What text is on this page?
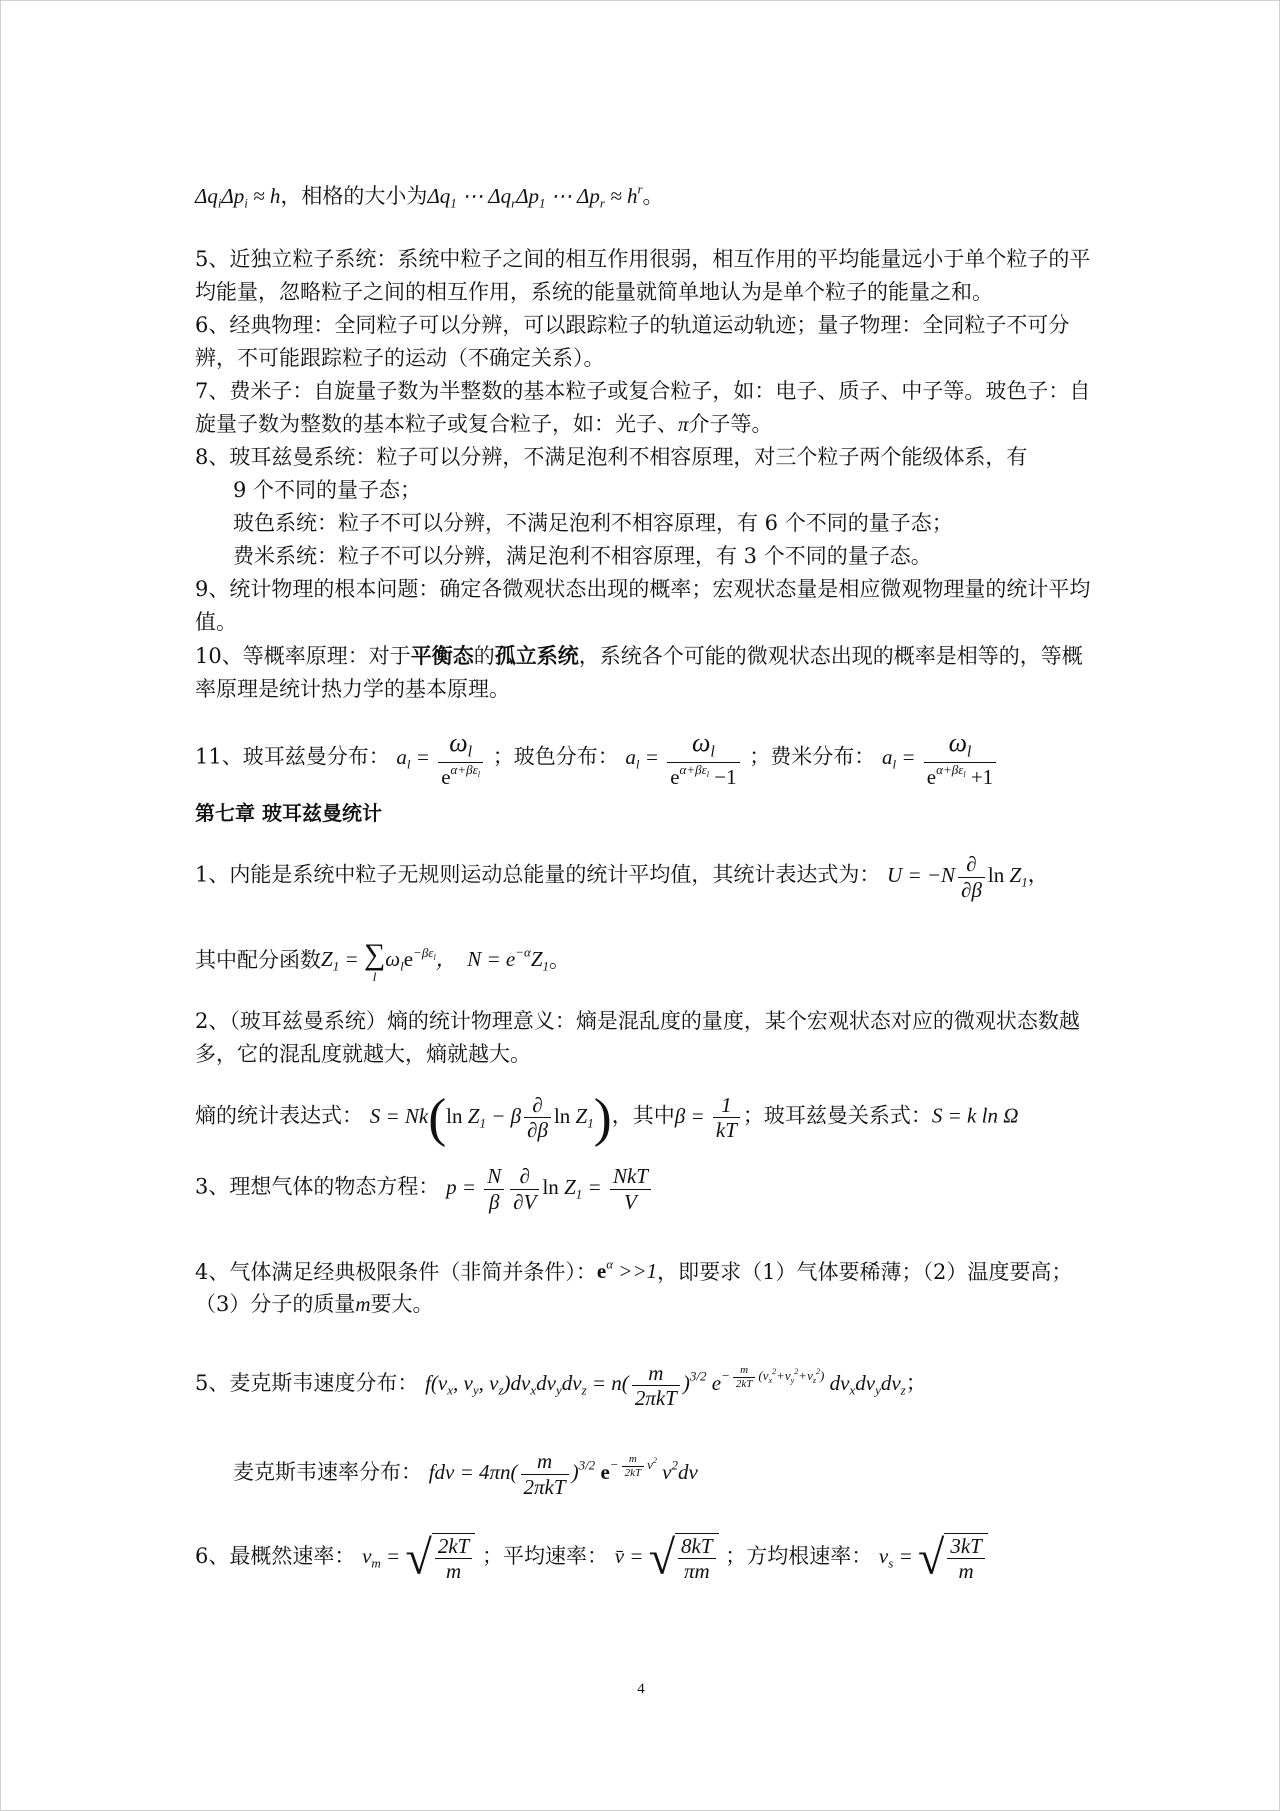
$\Delta q_i\Delta p_i \approx h$，相格的大小为$\Delta q_1$ ⋯ $\Delta q_r\Delta p_1$ ⋯ $\Delta p_r \approx h^r$。

5、近独立粒子系统：系统中粒子之间的相互作用很弱，相互作用的平均能量远小于单个粒子的平均能量，忽略粒子之间的相互作用，系统的能量就简单地认为是单个粒子的能量之和。

6、经典物理：全同粒子可以分辨，可以跟踪粒子的轨道运动轨迹；量子物理：全同粒子不可分辨，不可能跟踪粒子的运动（不确定关系）。

7、费米子：自旋量子数为半整数的基本粒子或复合粒子，如：电子、质子、中子等。玻色子：自旋量子数为整数的基本粒子或复合粒子，如：光子、π介子等。

8、玻耳兹曼系统：粒子可以分辨，不满足泡利不相容原理，对三个粒子两个能级体系，有

9 个不同的量子态；

玻色系统：粒子不可以分辨，不满足泡利不相容原理，有 6 个不同的量子态；

费米系统：粒子不可以分辨，满足泡利不相容原理，有 3 个不同的量子态。

9、统计物理的根本问题：确定各微观状态出现的概率；宏观状态量是相应微观物理量的统计平均值。

10、等概率原理：对于平衡态的孤立系统，系统各个可能的微观状态出现的概率是相等的，等概率原理是统计热力学的基本原理。

11、玻耳兹曼分布： $a_l = \frac{\omega_l}{e^{\alpha+\beta\varepsilon_l}}$ ；玻色分布： $a_l = \frac{\omega_l}{e^{\alpha+\beta\varepsilon_l} -1}$ ；费米分布： $a_l = \frac{\omega_l}{e^{\alpha+\beta\varepsilon_l} +1}$

第七章 玻耳兹曼统计

1、内能是系统中粒子无规则运动总能量的统计平均值，其统计表达式为： $U = -N \frac{\partial}{\partial\beta}$ $\ln Z_1$，

其中配分函数$Z_1$ = ∑
l
$\omega_le^{-\beta\varepsilon_l}$，  $N = e^{-\alpha}Z_1$。

2、（玻耳兹曼系统）熵的统计物理意义：熵是混乱度的量度，某个宏观状态对应的微观状态数越多，它的混乱度就越大，熵就越大。

熵的统计表达式： S = Nk(ln $Z_1 - \beta \frac{\partial}{\partial\beta}$ $\ln Z_1$)，其中$\beta = \frac{1}{kT}$ ；玻耳兹曼关系式：S = k ln Ω

3、理想气体的物态方程： $p = \frac{N}{\beta} \frac{\partial}{\partial V}$ $\ln Z_1 = \frac{\text{NkT}}{V}$

4、气体满足经典极限条件（非简并条件）：$e^\alpha >>1$，即要求（1）气体要稀薄；（2）温度要高；（3）分子的质量m要大。

5、麦克斯韦速度分布： $f(v_x$, $v_y$, $v_z)dv_xdv_ydv_z = n( \frac{m}{\text{2πkT}} )^{3/2}$ $e^{- \frac{m}{2kT} (v_x^2+v_y^2+v_z^2)}$ $dv_xdv_ydv_z$；

麦克斯韦速率分布： fdv = $4\pi n( \frac{m}{\text{2πkT}} )^{3/2}$ $e^{- \frac{m}{2kT} v^2}$ $v^2dv$

6、最概然速率： $v_m$ = √ $\frac{2kT}{m}$ ；平均速率： v̄ = √ $\frac{8kT}{\pi m}$ ；方均根速率： $v_s$ = √ $\frac{3kT}{m}$

4
